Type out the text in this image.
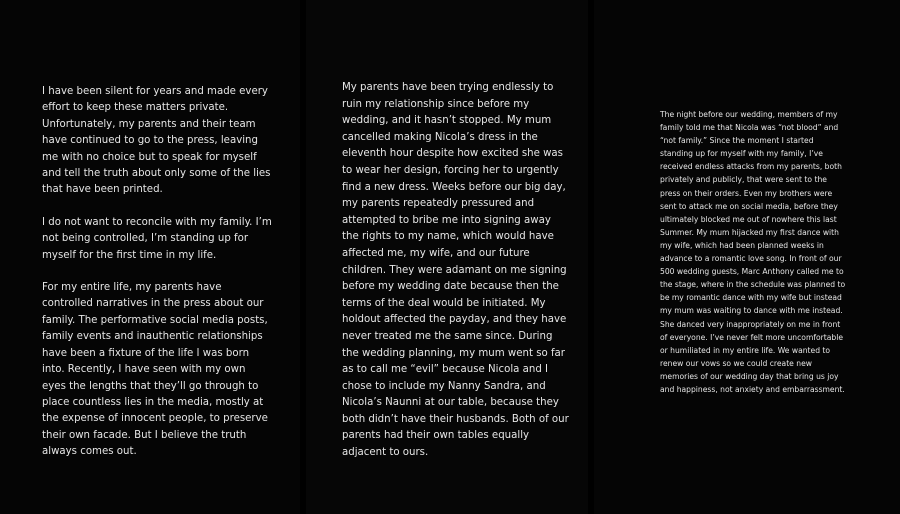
I have been silent for years and made every effort to keep these matters private. Unfortunately, my parents and their team have continued to go to the press, leaving me with no choice but to speak for myself and tell the truth about only some of the lies that have been printed.

I do not want to reconcile with my family. I’m not being controlled, I’m standing up for myself for the first time in my life.

For my entire life, my parents have controlled narratives in the press about our family. The performative social media posts, family events and inauthentic relationships have been a fixture of the life I was born into. Recently, I have seen with my own eyes the lengths that they’ll go through to place countless lies in the media, mostly at the expense of innocent people, to preserve their own facade. But I believe the truth always comes out.

My parents have been trying endlessly to ruin my relationship since before my wedding, and it hasn’t stopped. My mum cancelled making Nicola’s dress in the eleventh hour despite how excited she was to wear her design, forcing her to urgently find a new dress. Weeks before our big day, my parents repeatedly pressured and attempted to bribe me into signing away the rights to my name, which would have affected me, my wife, and our future children. They were adamant on me signing before my wedding date because then the terms of the deal would be initiated. My holdout affected the payday, and they have never treated me the same since. During the wedding planning, my mum went so far as to call me “evil” because Nicola and I chose to include my Nanny Sandra, and Nicola’s Naunni at our table, because they both didn’t have their husbands. Both of our parents had their own tables equally adjacent to ours.

The night before our wedding, members of my family told me that Nicola was “not blood” and “not family.” Since the moment I started standing up for myself with my family, I’ve received endless attacks from my parents, both privately and publicly, that were sent to the press on their orders. Even my brothers were sent to attack me on social media, before they ultimately blocked me out of nowhere this last Summer. My mum hijacked my first dance with my wife, which had been planned weeks in advance to a romantic love song. In front of our 500 wedding guests, Marc Anthony called me to the stage, where in the schedule was planned to be my romantic dance with my wife but instead my mum was waiting to dance with me instead. She danced very inappropriately on me in front of everyone. I’ve never felt more uncomfortable or humiliated in my entire life. We wanted to renew our vows so we could create new memories of our wedding day that bring us joy and happiness, not anxiety and embarrassment.
